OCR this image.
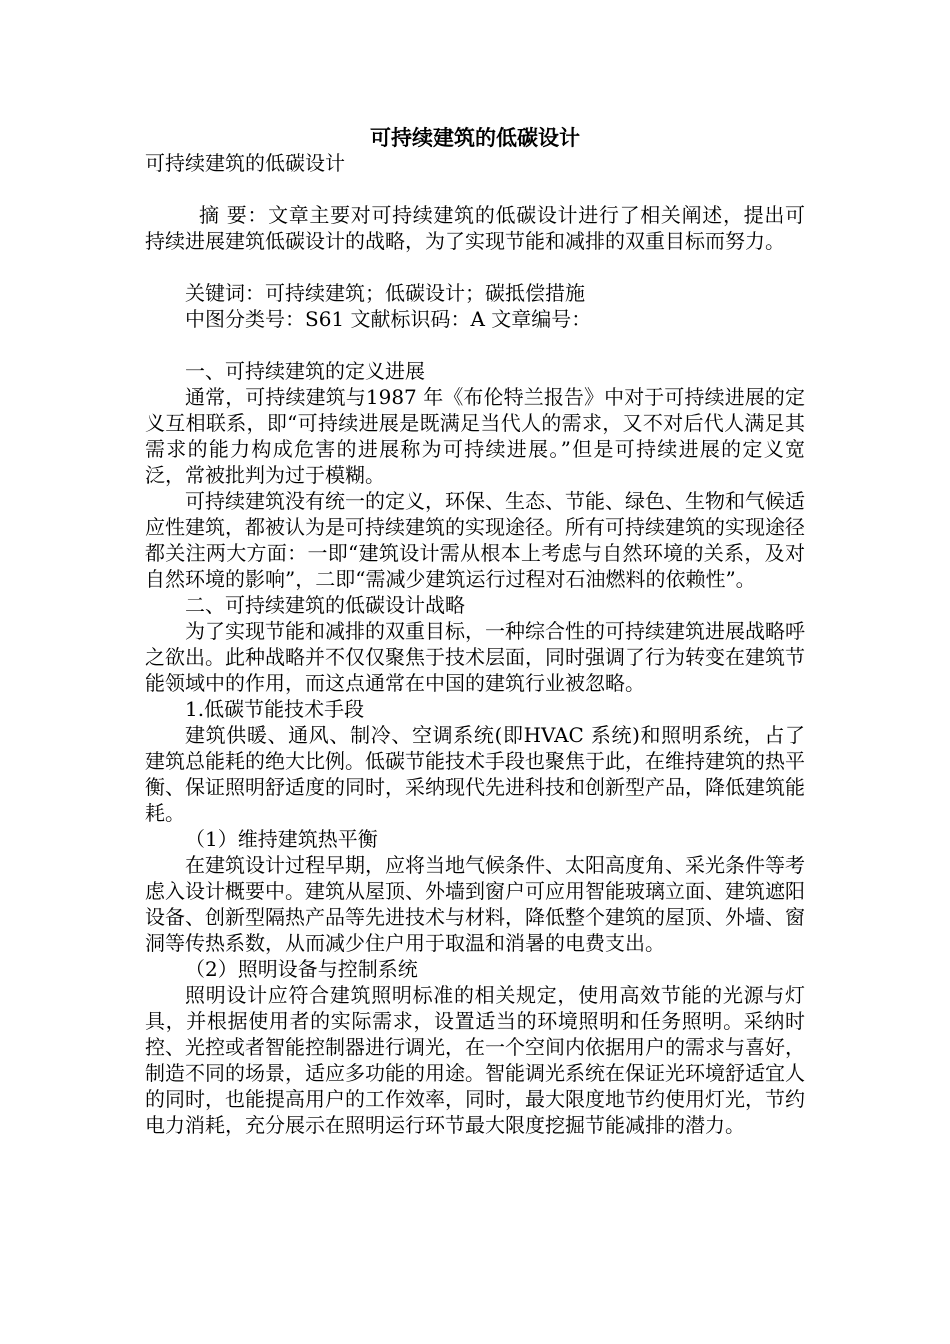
可持续建筑的低碳设计

可持续建筑的低碳设计

摘 要：文章主要对可持续建筑的低碳设计进行了相关阐述，提出可持续进展建筑低碳设计的战略，为了实现节能和减排的双重目标而努力。

关键词：可持续建筑；低碳设计；碳抵偿措施

中图分类号：S61 文献标识码：A 文章编号：

一、可持续建筑的定义进展

通常，可持续建筑与1987 年《布伦特兰报告》中对于可持续进展的定义互相联系，即“可持续进展是既满足当代人的需求，又不对后代人满足其需求的能力构成危害的进展称为可持续进展。”但是可持续进展的定义宽泛，常被批判为过于模糊。

可持续建筑没有统一的定义，环保、生态、节能、绿色、生物和气候适应性建筑，都被认为是可持续建筑的实现途径。所有可持续建筑的实现途径都关注两大方面：一即“建筑设计需从根本上考虑与自然环境的关系，及对自然环境的影响”，二即“需减少建筑运行过程对石油燃料的依赖性”。

二、可持续建筑的低碳设计战略

为了实现节能和减排的双重目标，一种综合性的可持续建筑进展战略呼之欲出。此种战略并不仅仅聚焦于技术层面，同时强调了行为转变在建筑节能领域中的作用，而这点通常在中国的建筑行业被忽略。

1.低碳节能技术手段

建筑供暖、通风、制冷、空调系统(即HVAC 系统)和照明系统，占了建筑总能耗的绝大比例。低碳节能技术手段也聚焦于此，在维持建筑的热平衡、保证照明舒适度的同时，采纳现代先进科技和创新型产品，降低建筑能耗。

（1）维持建筑热平衡

在建筑设计过程早期，应将当地气候条件、太阳高度角、采光条件等考虑入设计概要中。建筑从屋顶、外墙到窗户可应用智能玻璃立面、建筑遮阳设备、创新型隔热产品等先进技术与材料，降低整个建筑的屋顶、外墙、窗洞等传热系数，从而减少住户用于取温和消暑的电费支出。

（2）照明设备与控制系统

照明设计应符合建筑照明标准的相关规定，使用高效节能的光源与灯具，并根据使用者的实际需求，设置适当的环境照明和任务照明。采纳时控、光控或者智能控制器进行调光，在一个空间内依据用户的需求与喜好，制造不同的场景，适应多功能的用途。智能调光系统在保证光环境舒适宜人的同时，也能提高用户的工作效率，同时，最大限度地节约使用灯光，节约电力消耗，充分展示在照明运行环节最大限度挖掘节能减排的潜力。
